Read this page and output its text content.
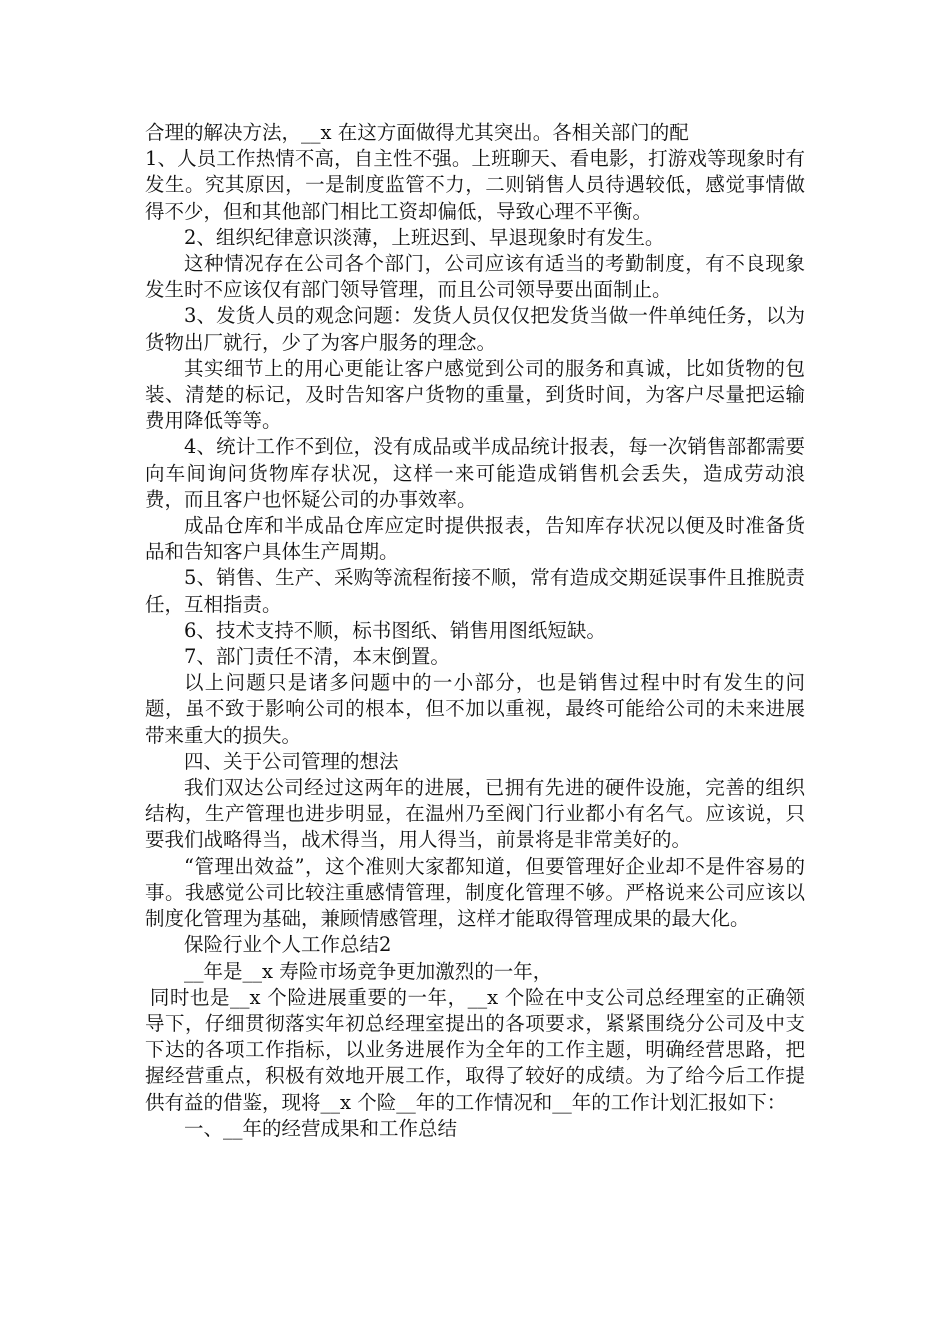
合理的解决方法，__x 在这方面做得尤其突出。各相关部门的配

1、人员工作热情不高，自主性不强。上班聊天、看电影，打游戏等现象时有发生。究其原因，一是制度监管不力，二则销售人员待遇较低，感觉事情做得不少，但和其他部门相比工资却偏低，导致心理不平衡。

2、组织纪律意识淡薄，上班迟到、早退现象时有发生。

这种情况存在公司各个部门，公司应该有适当的考勤制度，有不良现象发生时不应该仅有部门领导管理，而且公司领导要出面制止。

3、发货人员的观念问题：发货人员仅仅把发货当做一件单纯任务，以为货物出厂就行，少了为客户服务的理念。

其实细节上的用心更能让客户感觉到公司的服务和真诚，比如货物的包装、清楚的标记，及时告知客户货物的重量，到货时间，为客户尽量把运输费用降低等等。

4、统计工作不到位，没有成品或半成品统计报表，每一次销售部都需要向车间询问货物库存状况，这样一来可能造成销售机会丢失，造成劳动浪费，而且客户也怀疑公司的办事效率。

成品仓库和半成品仓库应定时提供报表，告知库存状况以便及时准备货品和告知客户具体生产周期。

5、销售、生产、采购等流程衔接不顺，常有造成交期延误事件且推脱责任，互相指责。

6、技术支持不顺，标书图纸、销售用图纸短缺。

7、部门责任不清，本末倒置。

以上问题只是诸多问题中的一小部分，也是销售过程中时有发生的问题，虽不致于影响公司的根本，但不加以重视，最终可能给公司的未来进展带来重大的损失。

四、关于公司管理的想法

我们双达公司经过这两年的进展，已拥有先进的硬件设施，完善的组织结构，生产管理也进步明显，在温州乃至阀门行业都小有名气。应该说，只要我们战略得当，战术得当，用人得当，前景将是非常美好的。

“管理出效益”，这个准则大家都知道，但要管理好企业却不是件容易的事。我感觉公司比较注重感情管理，制度化管理不够。严格说来公司应该以制度化管理为基础，兼顾情感管理，这样才能取得管理成果的最大化。

保险行业个人工作总结2

__年是__x 寿险市场竞争更加激烈的一年，

同时也是__x 个险进展重要的一年，__x 个险在中支公司总经理室的正确领导下，仔细贯彻落实年初总经理室提出的各项要求，紧紧围绕分公司及中支下达的各项工作指标，以业务进展作为全年的工作主题，明确经营思路，把握经营重点，积极有效地开展工作，取得了较好的成绩。为了给今后工作提供有益的借鉴，现将__x 个险__年的工作情况和__年的工作计划汇报如下：

一、__年的经营成果和工作总结
